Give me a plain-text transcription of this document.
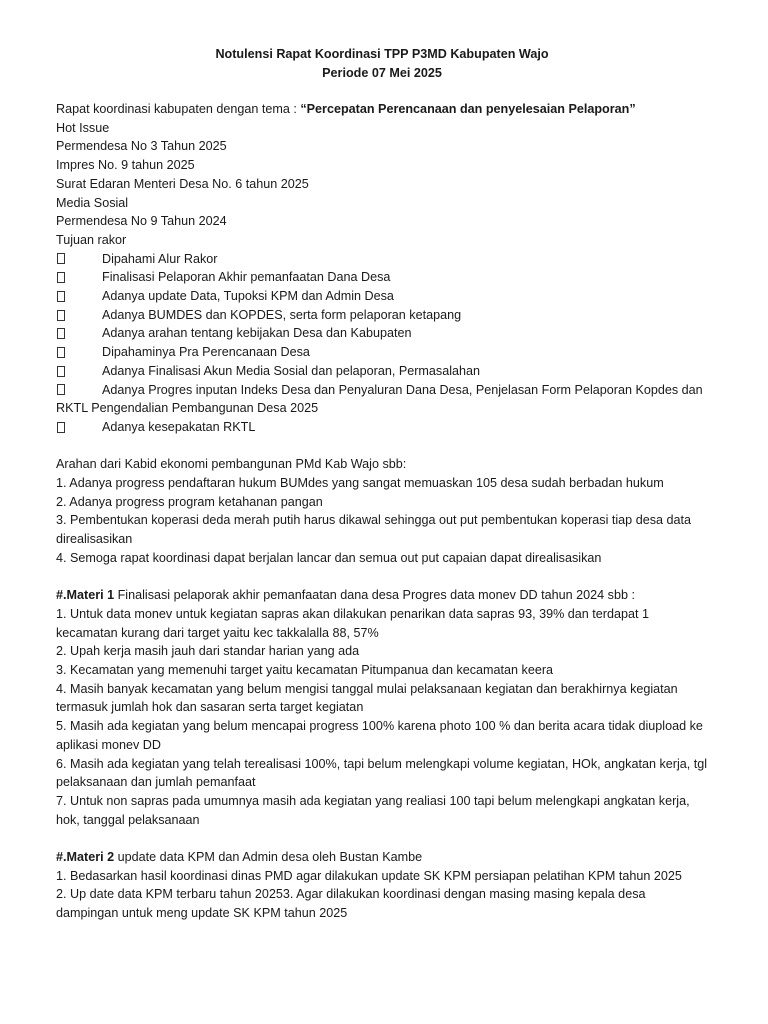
Notulensi Rapat Koordinasi TPP P3MD Kabupaten Wajo
Periode 07 Mei 2025
Rapat koordinasi kabupaten dengan tema : “Percepatan Perencanaan dan penyelesaian Pelaporan”
Hot Issue
Permendesa No 3 Tahun 2025
Impres No. 9 tahun 2025
Surat Edaran Menteri Desa No. 6 tahun 2025
Media Sosial
Permendesa No 9 Tahun 2024
Tujuan rakor
Dipahami Alur Rakor
Finalisasi Pelaporan Akhir pemanfaatan Dana Desa
Adanya update Data, Tupoksi KPM dan Admin Desa
Adanya BUMDES dan KOPDES, serta form pelaporan ketapang
Adanya arahan tentang kebijakan Desa dan Kabupaten
Dipahaminya Pra Perencanaan Desa
Adanya Finalisasi Akun Media Sosial dan pelaporan, Permasalahan
Adanya Progres inputan Indeks Desa dan Penyaluran Dana Desa, Penjelasan Form Pelaporan Kopdes dan
RKTL Pengendalian Pembangunan Desa 2025
Adanya kesepakatan RKTL
Arahan dari Kabid ekonomi pembangunan PMd Kab Wajo sbb:
1. Adanya progress pendaftaran hukum BUMdes yang sangat memuaskan 105 desa sudah berbadan hukum
2. Adanya progress program ketahanan pangan
3. Pembentukan koperasi deda merah putih harus dikawal sehingga out put pembentukan koperasi tiap desa data
direalisasikan
4. Semoga rapat koordinasi dapat berjalan lancar dan semua out put capaian dapat direalisasikan
#.Materi 1 Finalisasi pelaporak akhir pemanfaatan dana desa Progres data monev DD tahun 2024 sbb :
1. Untuk data monev untuk kegiatan sapras akan dilakukan penarikan data sapras 93, 39% dan terdapat 1
kecamatan kurang dari target yaitu kec takkalalla 88, 57%
2. Upah kerja masih jauh dari standar harian yang ada
3. Kecamatan yang memenuhi target yaitu kecamatan Pitumpanua dan kecamatan keera
4. Masih banyak kecamatan yang belum mengisi tanggal mulai pelaksanaan kegiatan dan berakhirnya kegiatan
termasuk jumlah hok dan sasaran serta target kegiatan
5. Masih ada kegiatan yang belum mencapai progress 100% karena photo 100 % dan berita acara tidak diupload ke
aplikasi monev DD
6. Masih ada kegiatan yang telah terealisasi 100%, tapi belum melengkapi volume kegiatan, HOk, angkatan kerja, tgl
pelaksanaan dan jumlah pemanfaat
7. Untuk non sapras pada umumnya masih ada kegiatan yang realiasi 100 tapi belum melengkapi angkatan kerja,
hok, tanggal pelaksanaan
#.Materi 2 update data KPM dan Admin desa oleh Bustan Kambe
1. Bedasarkan hasil koordinasi dinas PMD agar dilakukan update SK KPM persiapan pelatihan KPM tahun 2025
2. Up date data KPM terbaru tahun 20253. Agar dilakukan koordinasi dengan masing masing kepala desa
dampingan untuk meng update SK KPM tahun 2025
